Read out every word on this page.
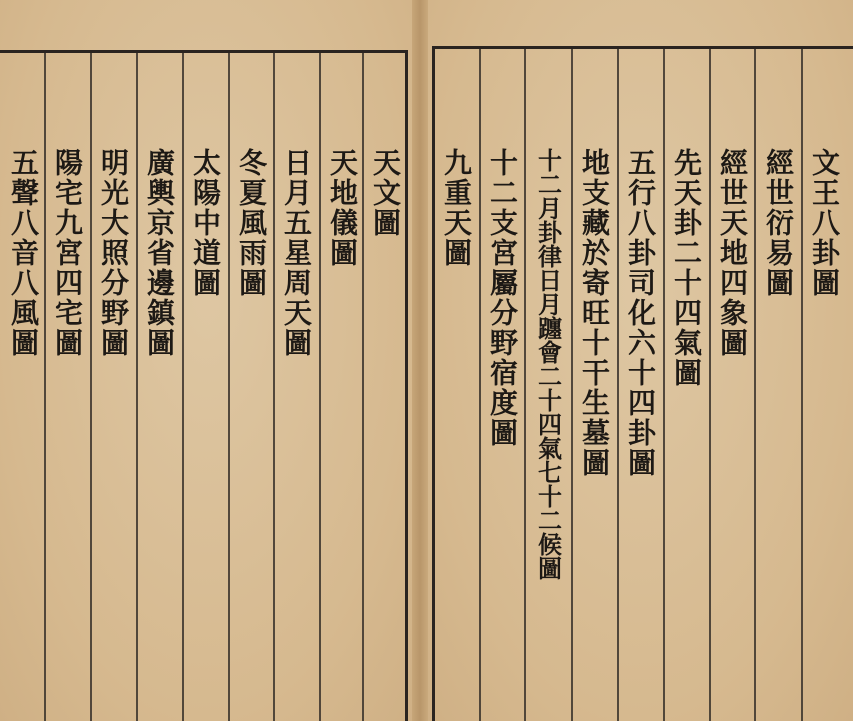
文王八卦圖
經世衍易圖
經世天地四象圖
先天卦二十四氣圖
五行八卦司化六十四卦圖
地支藏於寄旺十干生墓圖
十二月卦律日月躔會二十四氣七十二候圖
十二支宮屬分野宿度圖
九重天圖
天文圖
天地儀圖
日月五星周天圖
冬夏風雨圖
太陽中道圖
廣輿京省邊鎮圖
明光大照分野圖
陽宅九宮四宅圖
五聲八音八風圖
